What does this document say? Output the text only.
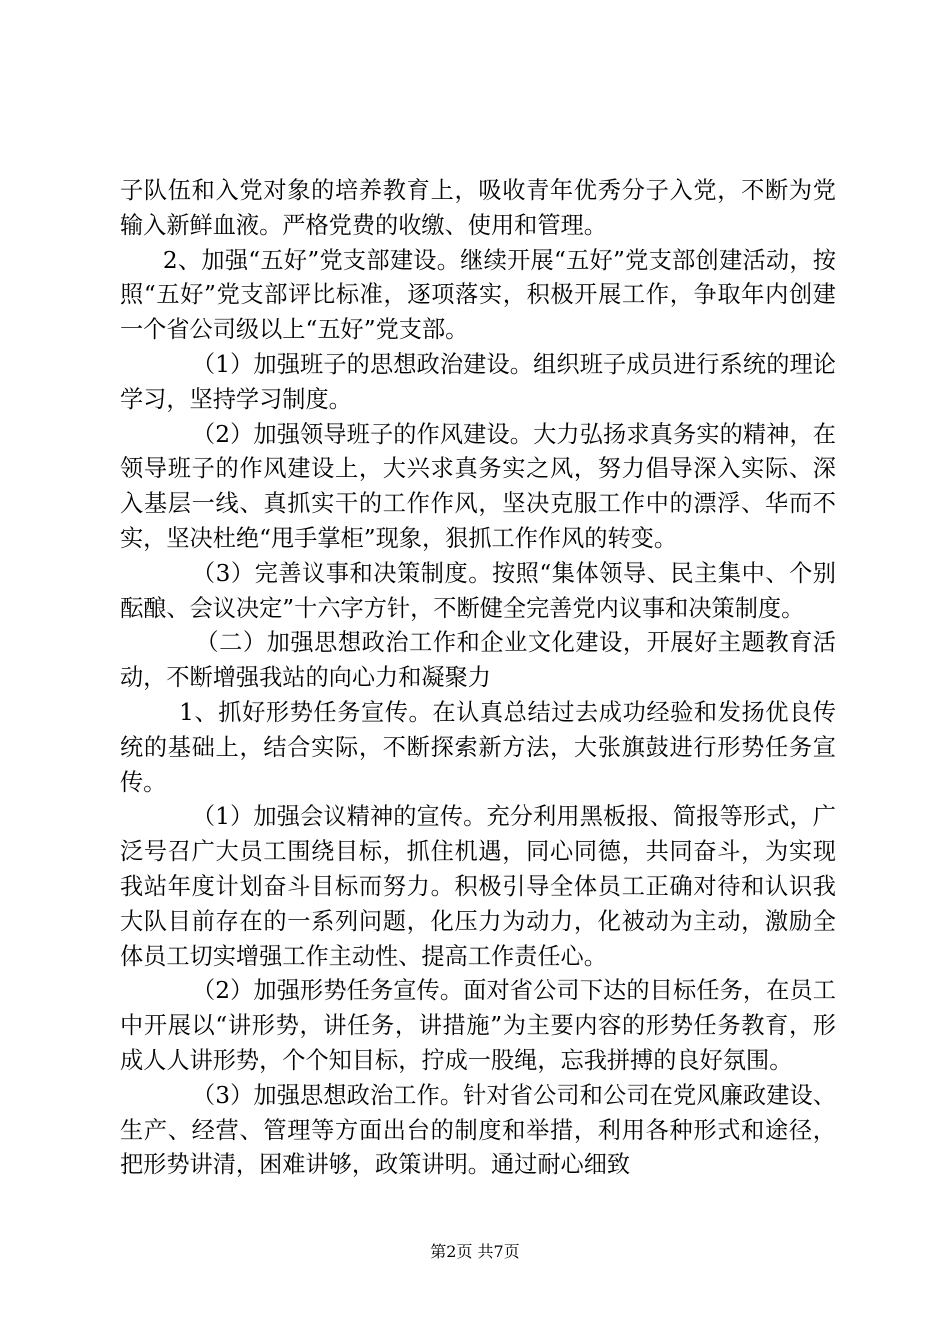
子队伍和入党对象的培养教育上，吸收青年优秀分子入党，不断为党输入新鲜血液。严格党费的收缴、使用和管理。

2、加强“五好”党支部建设。继续开展“五好”党支部创建活动，按照“五好”党支部评比标准，逐项落实，积极开展工作，争取年内创建一个省公司级以上“五好”党支部。

（1）加强班子的思想政治建设。组织班子成员进行系统的理论学习，坚持学习制度。

（2）加强领导班子的作风建设。大力弘扬求真务实的精神，在领导班子的作风建设上，大兴求真务实之风，努力倡导深入实际、深入基层一线、真抓实干的工作作风，坚决克服工作中的漂浮、华而不实，坚决杜绝“甩手掌柜”现象，狠抓工作作风的转变。

（3）完善议事和决策制度。按照“集体领导、民主集中、个别酝酿、会议决定”十六字方针，不断健全完善党内议事和决策制度。

（二）加强思想政治工作和企业文化建设，开展好主题教育活动，不断增强我站的向心力和凝聚力

1、抓好形势任务宣传。在认真总结过去成功经验和发扬优良传统的基础上，结合实际，不断探索新方法，大张旗鼓进行形势任务宣传。

（1）加强会议精神的宣传。充分利用黑板报、简报等形式，广泛号召广大员工围绕目标，抓住机遇，同心同德，共同奋斗，为实现我站年度计划奋斗目标而努力。积极引导全体员工正确对待和认识我大队目前存在的一系列问题，化压力为动力，化被动为主动，激励全体员工切实增强工作主动性、提高工作责任心。

（2）加强形势任务宣传。面对省公司下达的目标任务，在员工中开展以“讲形势，讲任务，讲措施”为主要内容的形势任务教育，形成人人讲形势，个个知目标，拧成一股绳，忘我拼搏的良好氛围。

（3）加强思想政治工作。针对省公司和公司在党风廉政建设、生产、经营、管理等方面出台的制度和举措，利用各种形式和途径，把形势讲清，困难讲够，政策讲明。通过耐心细致

第2页 共7页
